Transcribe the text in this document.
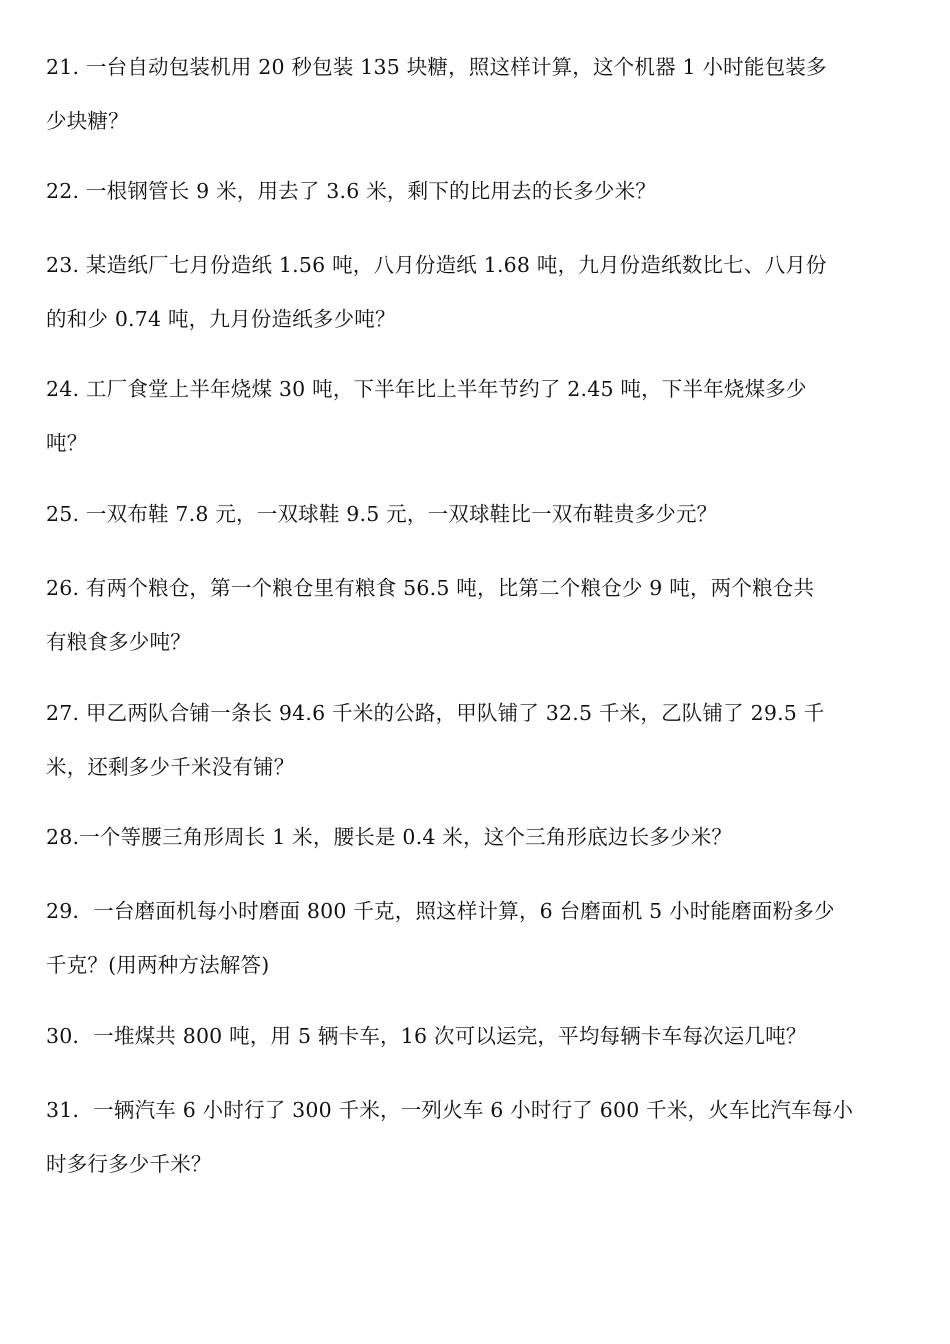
21. 一台自动包装机用 20 秒包装 135 块糖，照这样计算，这个机器 1 小时能包装多
少块糖？
22. 一根钢管长 9 米，用去了 3.6 米，剩下的比用去的长多少米？
23. 某造纸厂七月份造纸 1.56 吨，八月份造纸 1.68 吨，九月份造纸数比七、八月份
的和少 0.74 吨，九月份造纸多少吨？
24. 工厂食堂上半年烧煤 30 吨，下半年比上半年节约了 2.45 吨，下半年烧煤多少
吨？
25. 一双布鞋 7.8 元，一双球鞋 9.5 元，一双球鞋比一双布鞋贵多少元？
26. 有两个粮仓，第一个粮仓里有粮食 56.5 吨，比第二个粮仓少 9 吨，两个粮仓共
有粮食多少吨？
27. 甲乙两队合铺一条长 94.6 千米的公路，甲队铺了 32.5 千米，乙队铺了 29.5 千
米，还剩多少千米没有铺？
28.一个等腰三角形周长 1 米，腰长是 0.4 米，这个三角形底边长多少米？
29．一台磨面机每小时磨面 800 千克，照这样计算，6 台磨面机 5 小时能磨面粉多少
千克？(用两种方法解答)
30．一堆煤共 800 吨，用 5 辆卡车，16 次可以运完，平均每辆卡车每次运几吨？
31．一辆汽车 6 小时行了 300 千米，一列火车 6 小时行了 600 千米，火车比汽车每小
时多行多少千米？
